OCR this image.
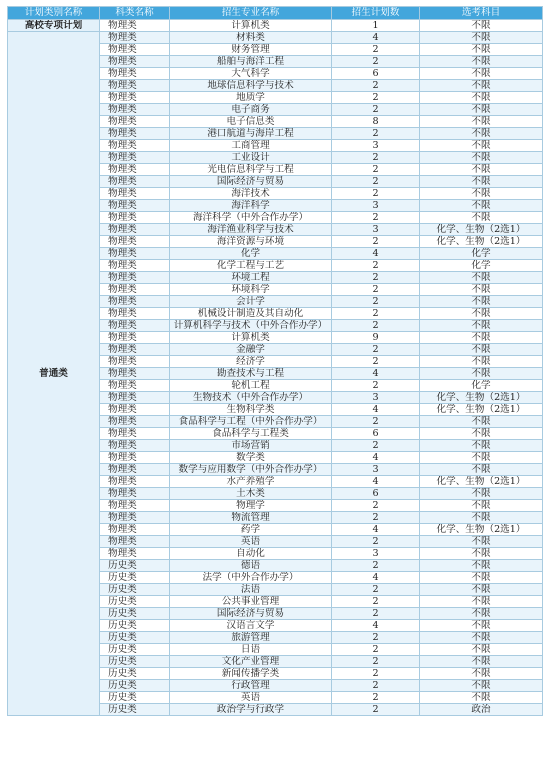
计划类别名称	科类名称	招生专业名称	招生计划数	选考科目
高校专项计划	物理类	计算机类	1	不限
普通类	物理类	材料类	4	不限
	物理类	财务管理	2	不限
	物理类	船舶与海洋工程	2	不限
	物理类	大气科学	6	不限
	物理类	地球信息科学与技术	2	不限
	物理类	地质学	2	不限
	物理类	电子商务	2	不限
	物理类	电子信息类	8	不限
	物理类	港口航道与海岸工程	2	不限
	物理类	工商管理	3	不限
	物理类	工业设计	2	不限
	物理类	光电信息科学与工程	2	不限
	物理类	国际经济与贸易	2	不限
	物理类	海洋技术	2	不限
	物理类	海洋科学	3	不限
	物理类	海洋科学（中外合作办学）	2	不限
	物理类	海洋渔业科学与技术	3	化学、生物（2选1）
	物理类	海洋资源与环境	2	化学、生物（2选1）
	物理类	化学	4	化学
	物理类	化学工程与工艺	2	化学
	物理类	环境工程	2	不限
	物理类	环境科学	2	不限
	物理类	会计学	2	不限
	物理类	机械设计制造及其自动化	2	不限
	物理类	计算机科学与技术（中外合作办学）	2	不限
	物理类	计算机类	9	不限
	物理类	金融学	2	不限
	物理类	经济学	2	不限
	物理类	勘查技术与工程	4	不限
	物理类	轮机工程	2	化学
	物理类	生物技术（中外合作办学）	3	化学、生物（2选1）
	物理类	生物科学类	4	化学、生物（2选1）
	物理类	食品科学与工程（中外合作办学）	2	不限
	物理类	食品科学与工程类	6	不限
	物理类	市场营销	2	不限
	物理类	数学类	4	不限
	物理类	数学与应用数学（中外合作办学）	3	不限
	物理类	水产养殖学	4	化学、生物（2选1）
	物理类	土木类	6	不限
	物理类	物理学	2	不限
	物理类	物流管理	2	不限
	物理类	药学	4	化学、生物（2选1）
	物理类	英语	2	不限
	物理类	自动化	3	不限
	历史类	德语	2	不限
	历史类	法学（中外合作办学）	4	不限
	历史类	法语	2	不限
	历史类	公共事业管理	2	不限
	历史类	国际经济与贸易	2	不限
	历史类	汉语言文学	4	不限
	历史类	旅游管理	2	不限
	历史类	日语	2	不限
	历史类	文化产业管理	2	不限
	历史类	新闻传播学类	2	不限
	历史类	行政管理	2	不限
	历史类	英语	2	不限
	历史类	政治学与行政学	2	政治
